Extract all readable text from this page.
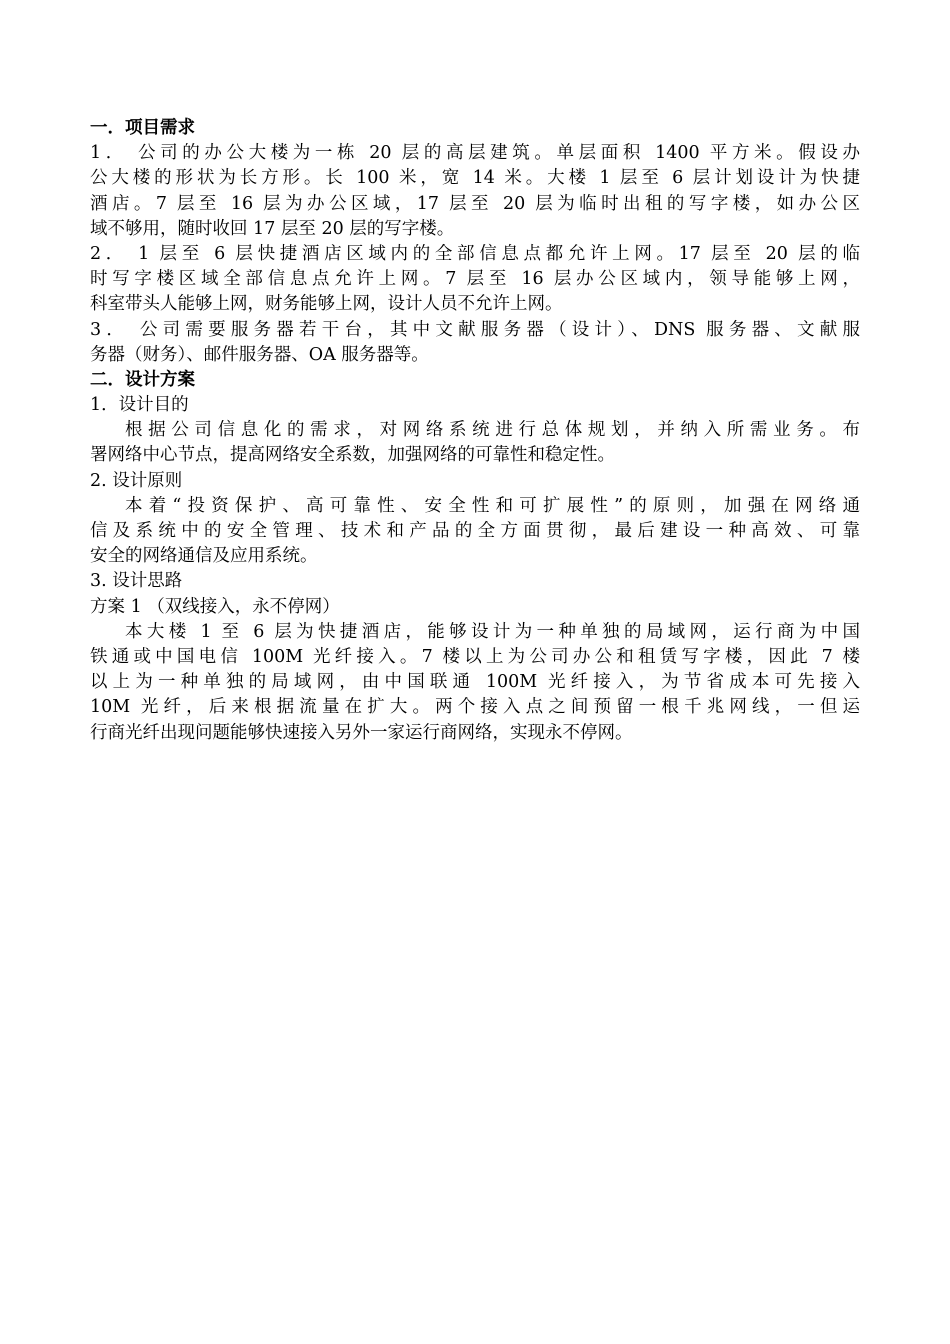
一．项目需求
1． 公司的办公大楼为一栋 20 层的高层建筑。单层面积 1400 平方米。假设办
公大楼的形状为长方形。长 100 米，宽 14 米。大楼 1 层至 6 层计划设计为快捷
酒店。7 层至 16 层为办公区域，17 层至 20 层为临时出租的写字楼，如办公区
域不够用，随时收回 17 层至 20 层的写字楼。
2． 1 层至 6 层快捷酒店区域内的全部信息点都允许上网。17 层至 20 层的临
时写字楼区域全部信息点允许上网。7 层至 16 层办公区域内，领导能够上网，
科室带头人能够上网，财务能够上网，设计人员不允许上网。
3． 公司需要服务器若干台，其中文献服务器（设计）、DNS 服务器、文献服
务器（财务）、邮件服务器、OA 服务器等。
二．设计方案
1．设计目的
根据公司信息化的需求，对网络系统进行总体规划，并纳入所需业务。布
署网络中心节点，提高网络安全系数，加强网络的可靠性和稳定性。
2. 设计原则
本着“投资保护、高可靠性、安全性和可扩展性”的原则，加强在网络通
信及系统中的安全管理、技术和产品的全方面贯彻，最后建设一种高效、可靠
安全的网络通信及应用系统。
3. 设计思路
方案 1 （双线接入，永不停网）
本大楼 1 至 6 层为快捷酒店，能够设计为一种单独的局域网，运行商为中国
铁通或中国电信 100M 光纤接入。7 楼以上为公司办公和租赁写字楼，因此 7 楼
以上为一种单独的局域网，由中国联通 100M 光纤接入，为节省成本可先接入
10M 光纤，后来根据流量在扩大。两个接入点之间预留一根千兆网线，一但运
行商光纤出现问题能够快速接入另外一家运行商网络，实现永不停网。
